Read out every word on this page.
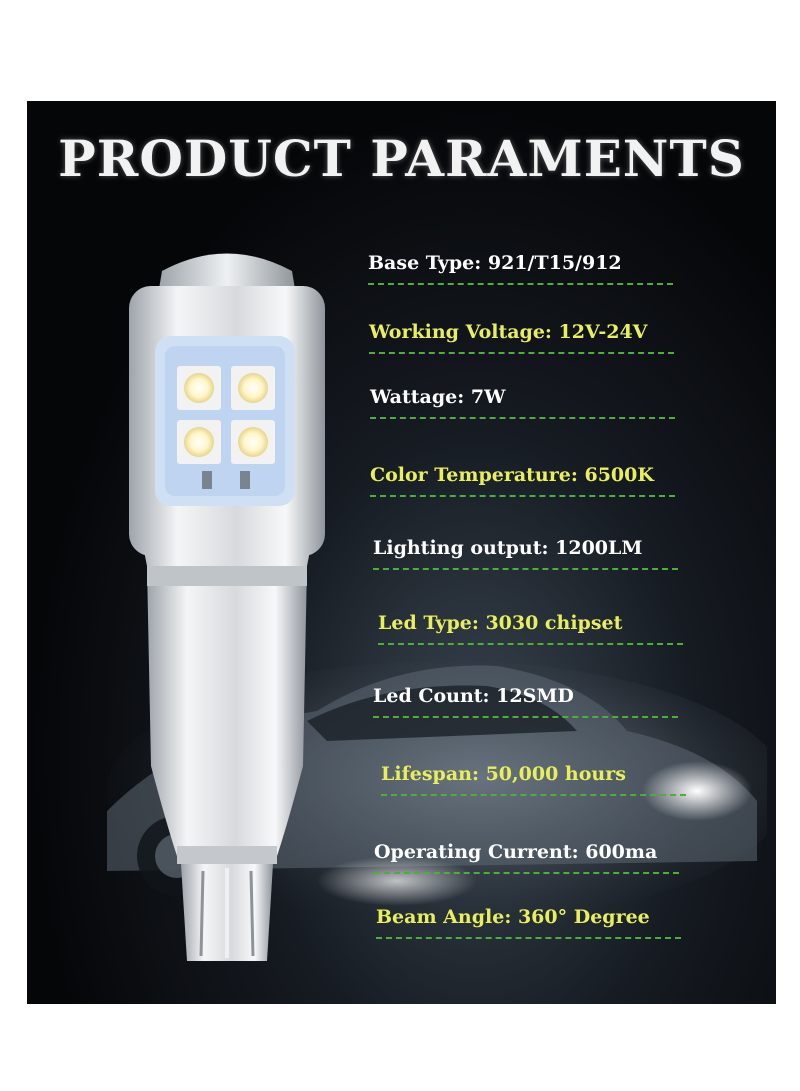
PRODUCT PARAMENTS
Base Type: 921/T15/912
Working Voltage: 12V-24V
Wattage: 7W
Color Temperature: 6500K
Lighting output: 1200LM
Led Type: 3030 chipset
Led Count: 12SMD
Lifespan: 50,000 hours
Operating Current: 600ma
Beam Angle: 360° Degree
